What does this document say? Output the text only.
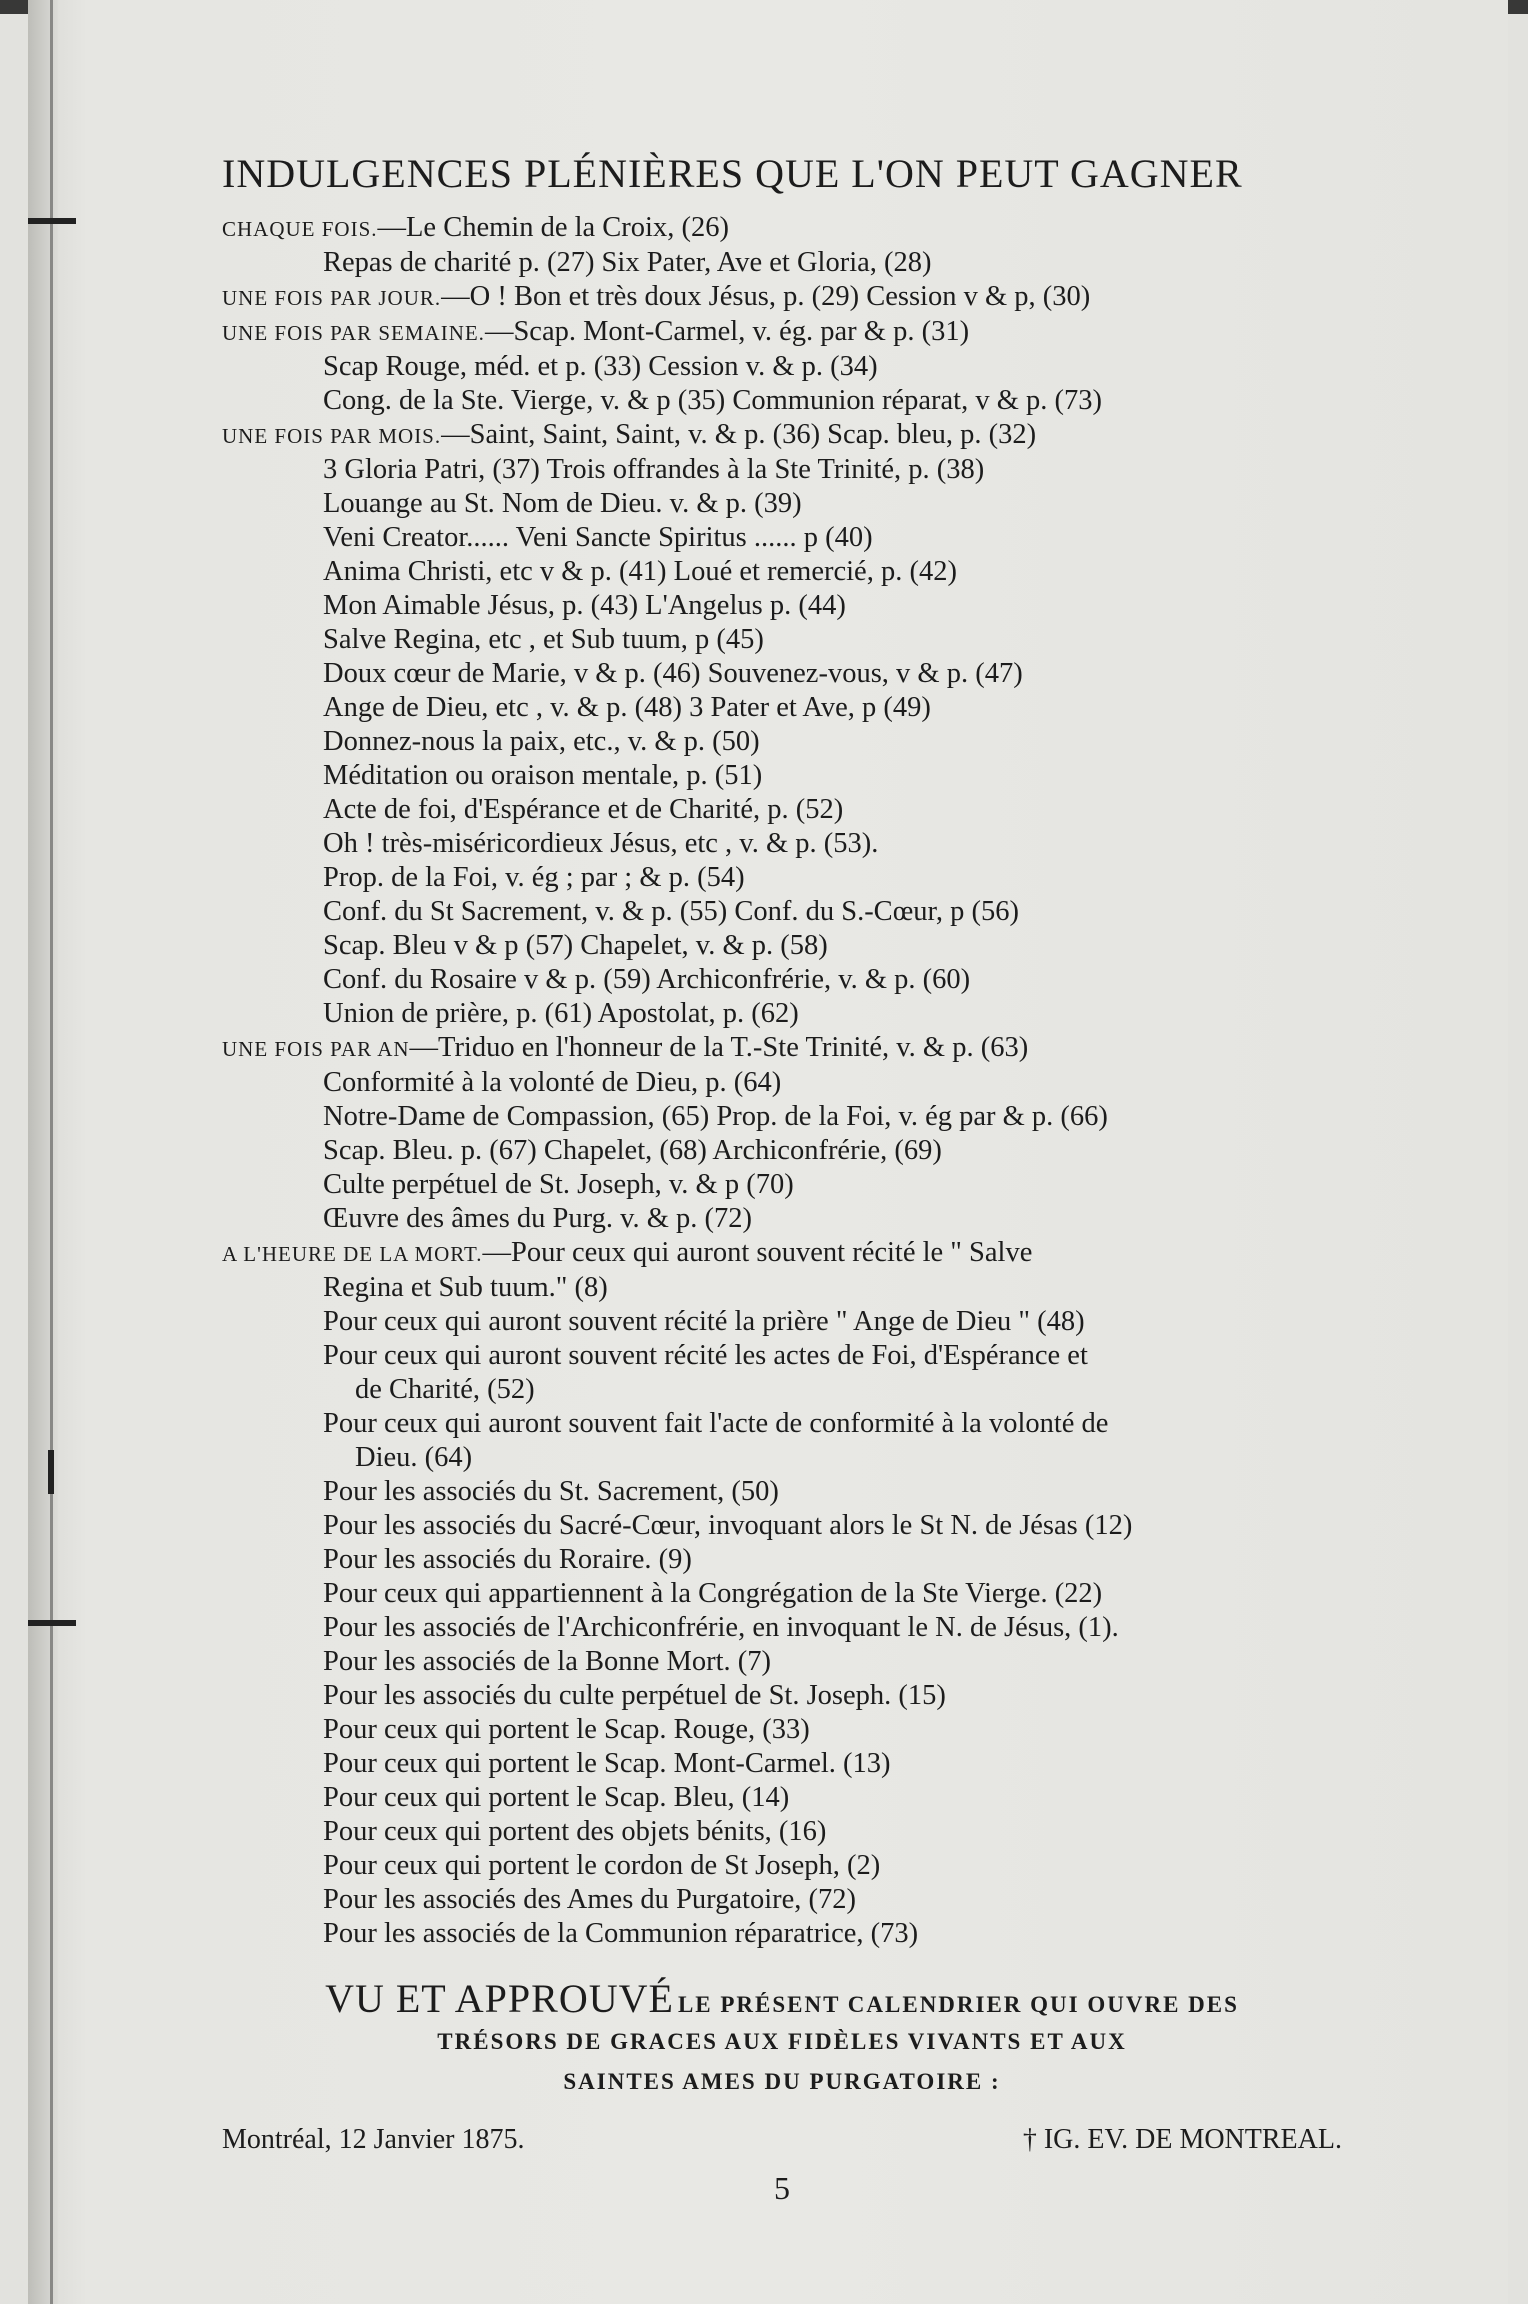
INDULGENCES PLÉNIÈRES QUE L'ON PEUT GAGNER
CHAQUE FOIS.—Le Chemin de la Croix, (26)
Repas de charité p. (27) Six Pater, Ave et Gloria, (28)
UNE FOIS PAR JOUR.—O ! Bon et très doux Jésus, p. (29) Cession v & p, (30)
UNE FOIS PAR SEMAINE.—Scap. Mont-Carmel, v. ég. par & p. (31)
Scap Rouge, méd. et p. (33) Cession v. & p. (34)
Cong. de la Ste. Vierge, v. & p (35) Communion réparat, v & p. (73)
UNE FOIS PAR MOIS.—Saint, Saint, Saint, v. & p. (36) Scap. bleu, p. (32)
3 Gloria Patri, (37) Trois offrandes à la Ste Trinité, p. (38)
Louange au St. Nom de Dieu. v. & p. (39)
Veni Creator...... Veni Sancte Spiritus ...... p (40)
Anima Christi, etc v & p. (41) Loué et remercié, p. (42)
Mon Aimable Jésus, p. (43) L'Angelus p. (44)
Salve Regina, etc , et Sub tuum, p (45)
Doux cœur de Marie, v & p. (46) Souvenez-vous, v & p. (47)
Ange de Dieu, etc , v. & p. (48) 3 Pater et Ave, p (49)
Donnez-nous la paix, etc., v. & p. (50)
Méditation ou oraison mentale, p. (51)
Acte de foi, d'Espérance et de Charité, p. (52)
Oh ! très-miséricordieux Jésus, etc , v. & p. (53).
Prop. de la Foi, v. ég ; par ; & p. (54)
Conf. du St Sacrement, v. & p. (55) Conf. du S.-Cœur, p (56)
Scap. Bleu v & p (57) Chapelet, v. & p. (58)
Conf. du Rosaire v & p. (59) Archiconfrérie, v. & p. (60)
Union de prière, p. (61) Apostolat, p. (62)
UNE FOIS PAR AN—Triduo en l'honneur de la T.-Ste Trinité, v. & p. (63)
Conformité à la volonté de Dieu, p. (64)
Notre-Dame de Compassion, (65) Prop. de la Foi, v. ég par & p. (66)
Scap. Bleu. p. (67) Chapelet, (68) Archiconfrérie, (69)
Culte perpétuel de St. Joseph, v. & p (70)
Œuvre des âmes du Purg. v. & p. (72)
A L'HEURE DE LA MORT.—Pour ceux qui auront souvent récité le " Salve
Regina et Sub tuum." (8)
Pour ceux qui auront souvent récité la prière " Ange de Dieu " (48)
Pour ceux qui auront souvent récité les actes de Foi, d'Espérance et
de Charité, (52)
Pour ceux qui auront souvent fait l'acte de conformité à la volonté de
Dieu. (64)
Pour les associés du St. Sacrement, (50)
Pour les associés du Sacré-Cœur, invoquant alors le St N. de Jésas (12)
Pour les associés du Roraire. (9)
Pour ceux qui appartiennent à la Congrégation de la Ste Vierge. (22)
Pour les associés de l'Archiconfrérie, en invoquant le N. de Jésus, (1).
Pour les associés de la Bonne Mort. (7)
Pour les associés du culte perpétuel de St. Joseph. (15)
Pour ceux qui portent le Scap. Rouge, (33)
Pour ceux qui portent le Scap. Mont-Carmel. (13)
Pour ceux qui portent le Scap. Bleu, (14)
Pour ceux qui portent des objets bénits, (16)
Pour ceux qui portent le cordon de St Joseph, (2)
Pour les associés des Ames du Purgatoire, (72)
Pour les associés de la Communion réparatrice, (73)
VU ET APPROUVÉ LE PRÉSENT CALENDRIER QUI OUVRE DES
TRÉSORS DE GRACES AUX FIDÈLES VIVANTS ET AUX
SAINTES AMES DU PURGATOIRE :
Montréal, 12 Janvier 1875.	† IG. EV. DE MONTREAL.
5
